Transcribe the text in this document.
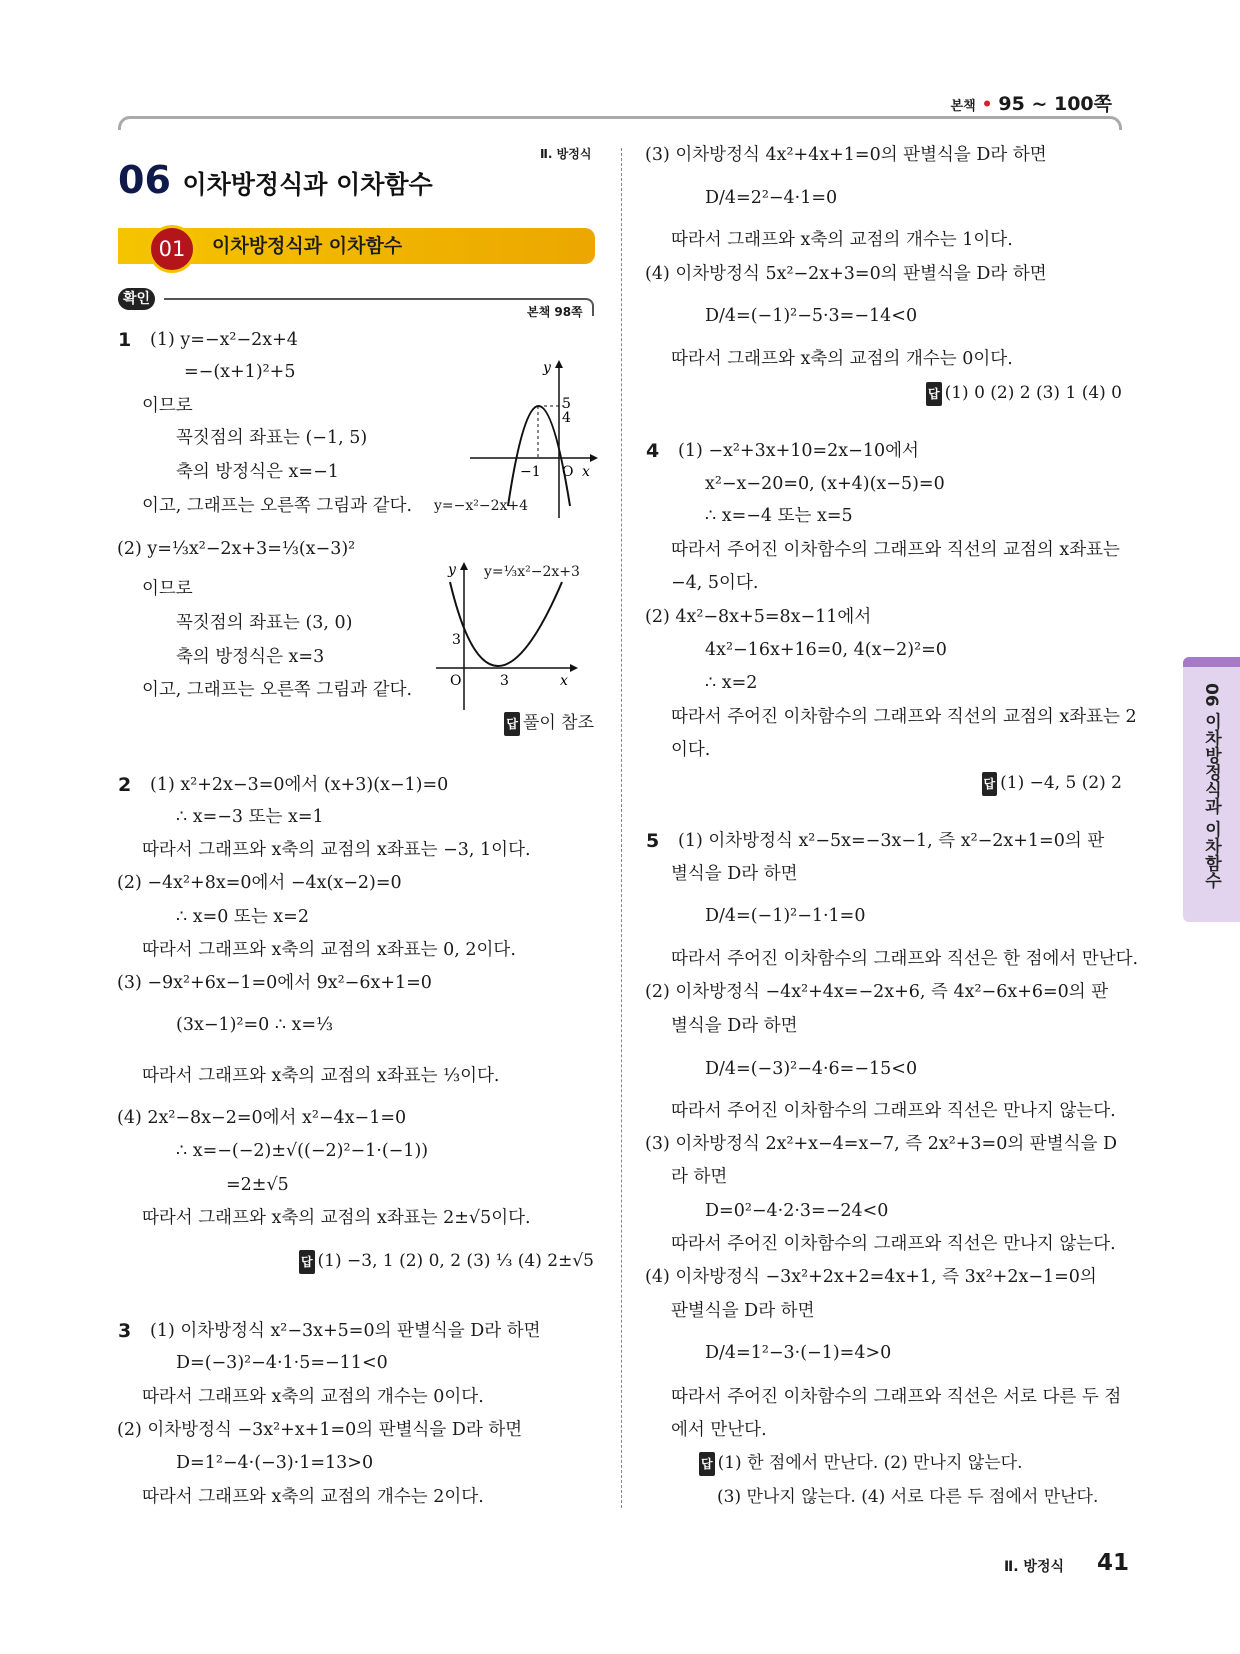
본책 • 95 ~ 100쪽
Ⅱ. 방정식
06 이차방정식과 이차함수
01	이차방정식과 이차함수
확인
본책 98쪽
1
2
3
4
5
(1) y=−x²−2x+4
=−(x+1)²+5
이므로
꼭짓점의 좌표는 (−1, 5)
축의 방정식은 x=−1
이고, 그래프는 오른쪽 그림과 같다.
(2) y=⅓x²−2x+3=⅓(x−3)²
이므로
꼭짓점의 좌표는 (3, 0)
축의 방정식은 x=3
이고, 그래프는 오른쪽 그림과 같다.
답 풀이 참조
(1) x²+2x−3=0에서 (x+3)(x−1)=0
∴ x=−3 또는 x=1
따라서 그래프와 x축의 교점의 x좌표는 −3, 1이다.
(2) −4x²+8x=0에서 −4x(x−2)=0
∴ x=0 또는 x=2
따라서 그래프와 x축의 교점의 x좌표는 0, 2이다.
(3) −9x²+6x−1=0에서 9x²−6x+1=0
(3x−1)²=0 ∴ x=⅓
따라서 그래프와 x축의 교점의 x좌표는 ⅓이다.
(4) 2x²−8x−2=0에서 x²−4x−1=0
∴ x=−(−2)±√((−2)²−1·(−1))
=2±√5
따라서 그래프와 x축의 교점의 x좌표는 2±√5이다.
답 (1) −3, 1 (2) 0, 2 (3) ⅓ (4) 2±√5
(1) 이차방정식 x²−3x+5=0의 판별식을 D라 하면
D=(−3)²−4·1·5=−11<0
따라서 그래프와 x축의 교점의 개수는 0이다.
(2) 이차방정식 −3x²+x+1=0의 판별식을 D라 하면
D=1²−4·(−3)·1=13>0
따라서 그래프와 x축의 교점의 개수는 2이다.
y
5
4
−1 O x
y=−x²−2x+4
y
3
O	3	x
y=⅓x²−2x+3
(3) 이차방정식 4x²+4x+1=0의 판별식을 D라 하면
D/4=2²−4·1=0
따라서 그래프와 x축의 교점의 개수는 1이다.
(4) 이차방정식 5x²−2x+3=0의 판별식을 D라 하면
D/4=(−1)²−5·3=−14<0
따라서 그래프와 x축의 교점의 개수는 0이다.
답 (1) 0 (2) 2 (3) 1 (4) 0
(1) −x²+3x+10=2x−10에서
x²−x−20=0, (x+4)(x−5)=0
∴ x=−4 또는 x=5
따라서 주어진 이차함수의 그래프와 직선의 교점의 x좌표는
−4, 5이다.
(2) 4x²−8x+5=8x−11에서
4x²−16x+16=0, 4(x−2)²=0
∴ x=2
따라서 주어진 이차함수의 그래프와 직선의 교점의 x좌표는 2
이다.
답 (1) −4, 5 (2) 2
(1) 이차방정식 x²−5x=−3x−1, 즉 x²−2x+1=0의 판
별식을 D라 하면
D/4=(−1)²−1·1=0
따라서 주어진 이차함수의 그래프와 직선은 한 점에서 만난다.
(2) 이차방정식 −4x²+4x=−2x+6, 즉 4x²−6x+6=0의 판
별식을 D라 하면
D/4=(−3)²−4·6=−15<0
따라서 주어진 이차함수의 그래프와 직선은 만나지 않는다.
(3) 이차방정식 2x²+x−4=x−7, 즉 2x²+3=0의 판별식을 D
라 하면
D=0²−4·2·3=−24<0
따라서 주어진 이차함수의 그래프와 직선은 만나지 않는다.
(4) 이차방정식 −3x²+2x+2=4x+1, 즉 3x²+2x−1=0의
판별식을 D라 하면
D/4=1²−3·(−1)=4>0
따라서 주어진 이차함수의 그래프와 직선은 서로 다른 두 점
에서 만난다.
답 (1) 한 점에서 만난다. (2) 만나지 않는다.
(3) 만나지 않는다. (4) 서로 다른 두 점에서 만난다.
06 이차방정식과 이차함수
Ⅱ. 방정식 41
